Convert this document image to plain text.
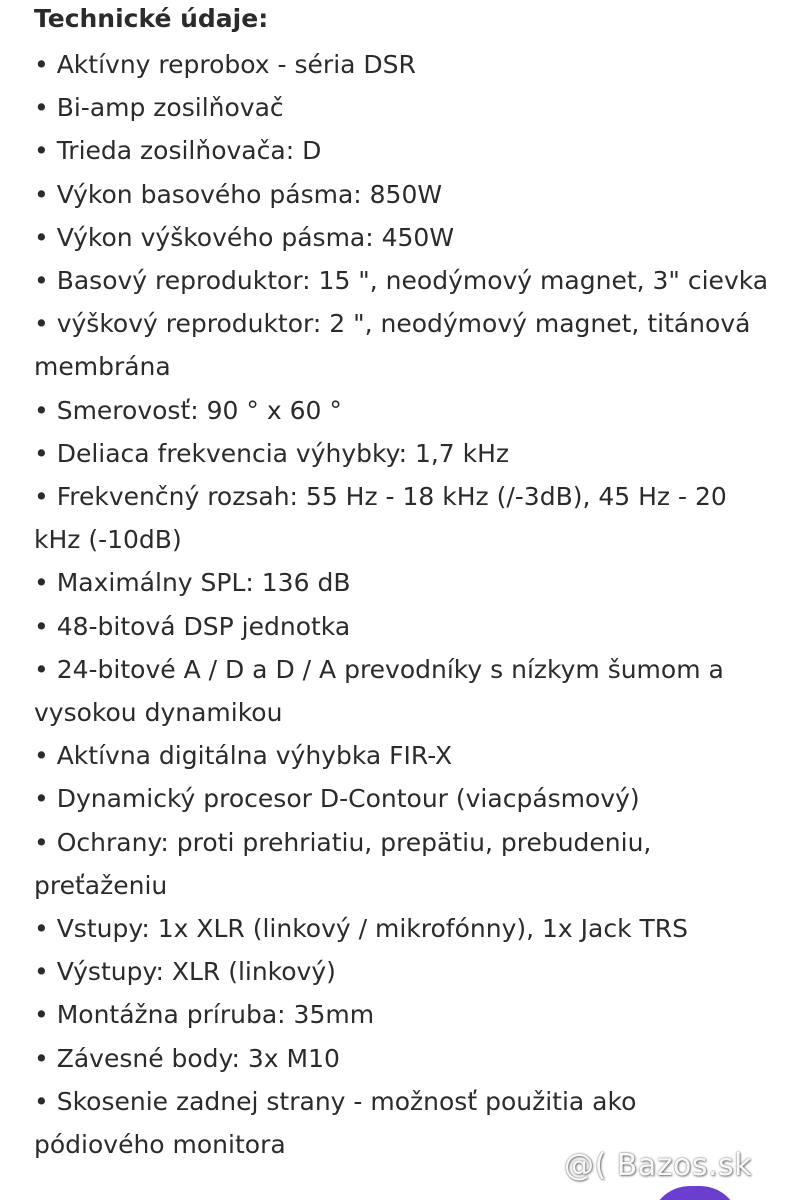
Technické údaje:
• Aktívny reprobox - séria DSR
• Bi-amp zosilňovač
• Trieda zosilňovača: D
• Výkon basového pásma: 850W
• Výkon výškového pásma: 450W
• Basový reproduktor: 15 ", neodýmový magnet, 3" cievka
• výškový reproduktor: 2 ", neodýmový magnet, titánová membrána
• Smerovosť: 90 ° x 60 °
• Deliaca frekvencia výhybky: 1,7 kHz
• Frekvenčný rozsah: 55 Hz - 18 kHz (/-3dB), 45 Hz - 20 kHz (-10dB)
• Maximálny SPL: 136 dB
• 48-bitová DSP jednotka
• 24-bitové A / D a D / A prevodníky s nízkym šumom a vysokou dynamikou
• Aktívna digitálna výhybka FIR-X
• Dynamický procesor D-Contour (viacpásmový)
• Ochrany: proti prehriatiu, prepätiu, prebudeniu, preťaženiu
• Vstupy: 1x XLR (linkový / mikrofónny), 1x Jack TRS
• Výstupy: XLR (linkový)
• Montážna príruba: 35mm
• Závesné body: 3x M10
• Skosenie zadnej strany - možnosť použitia ako pódiového monitora
@( Bazos.sk
